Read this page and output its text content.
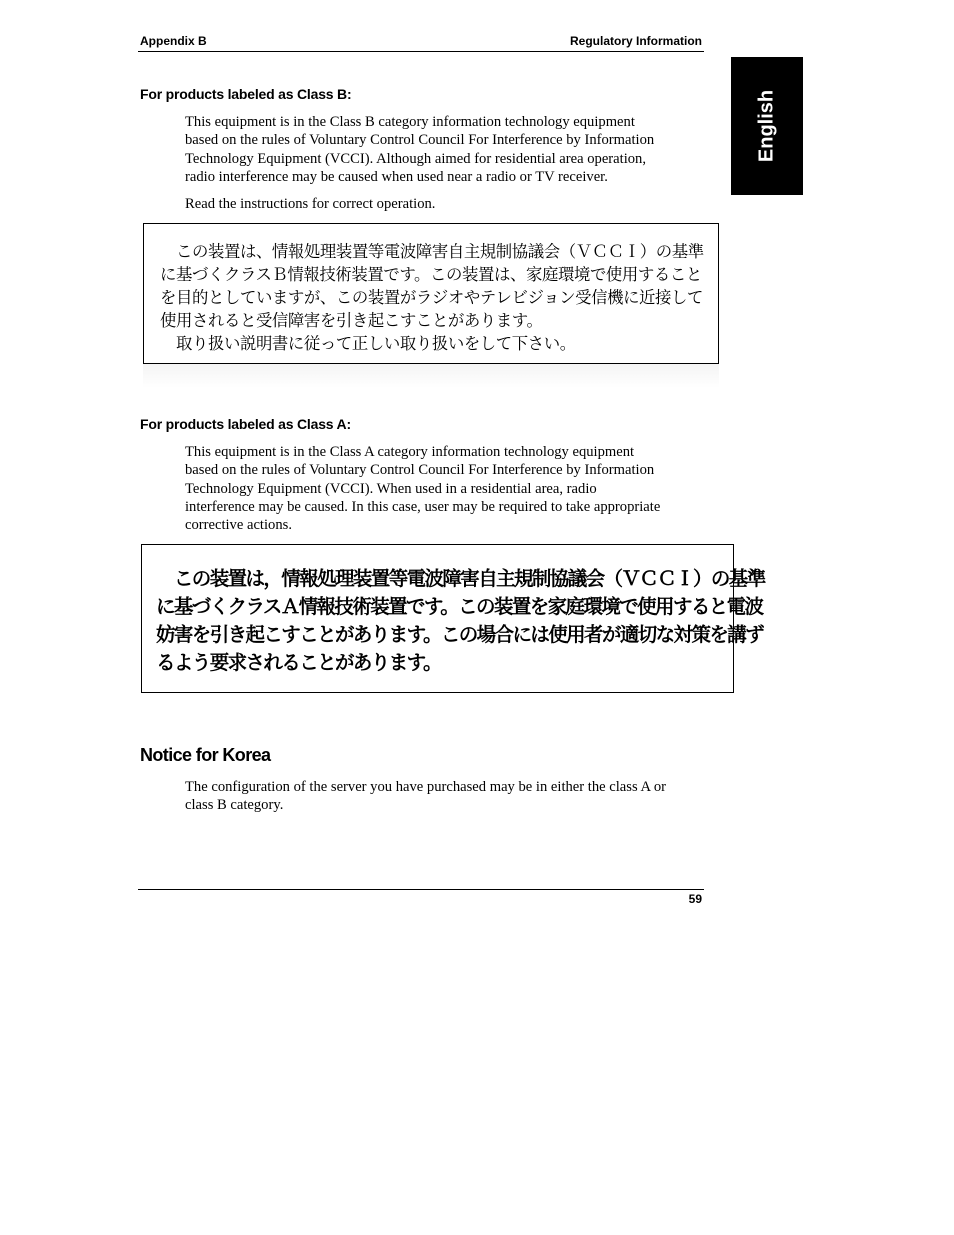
Appendix B	Regulatory Information
English
For products labeled as Class B:

This equipment is in the Class B category information technology equipment

based on the rules of Voluntary Control Council For Interference by Information

Technology Equipment (VCCI). Although aimed for residential area operation,

radio interference may be caused when used near a radio or TV receiver.

Read the instructions for correct operation.
　この装置は、情報処理装置等電波障害自主規制協議会（ＶＣＣＩ）の基準
に基づくクラスＢ情報技術装置です。この装置は、家庭環境で使用すること
を目的としていますが、この装置がラジオやテレビジョン受信機に近接して
使用されると受信障害を引き起こすことがあります。
　取り扱い説明書に従って正しい取り扱いをして下さい。
For products labeled as Class A:

This equipment is in the Class A category information technology equipment

based on the rules of Voluntary Control Council For Interference by Information

Technology Equipment (VCCI). When used in a residential area, radio

interference may be caused. In this case, user may be required to take appropriate

corrective actions.

　この装置は，情報処理装置等電波障害自主規制協議会（ＶＣＣＩ）の基準
に基づくクラスＡ情報技術装置です。この装置を家庭環境で使用すると電波
妨害を引き起こすことがあります。この場合には使用者が適切な対策を講ず
るよう要求されることがあります。
Notice for Korea

The configuration of the server you have purchased may be in either the class A or

class B category.

59
